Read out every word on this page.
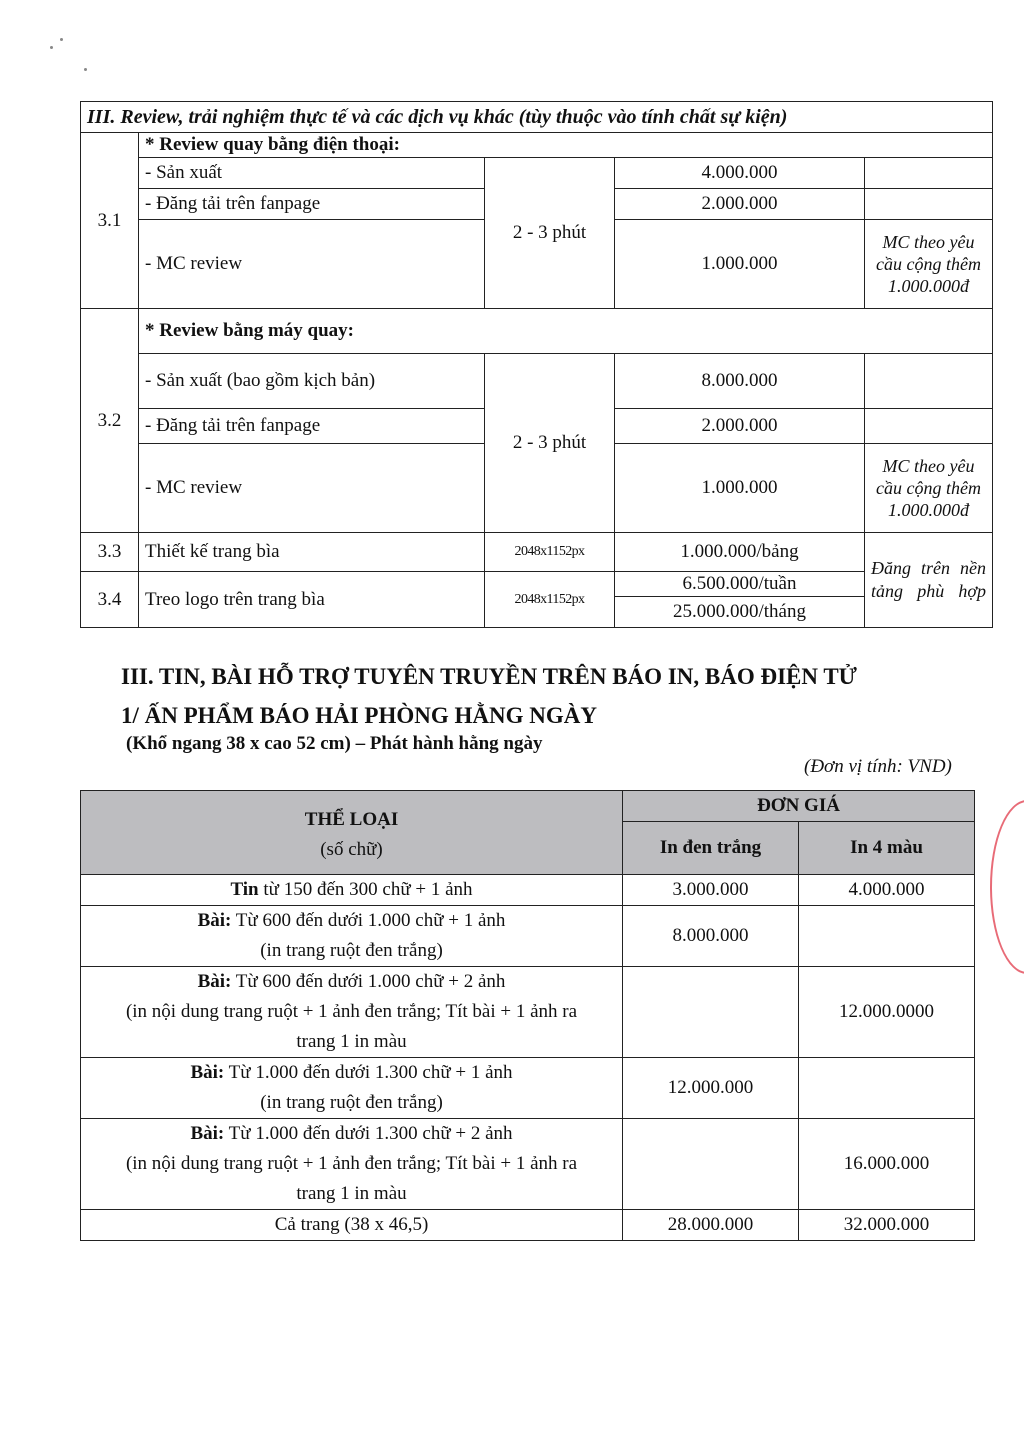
III. Review, trải nghiệm thực tế và các dịch vụ khác (tùy thuộc vào tính chất sự kiện)				
3.1	* Review quay bằng điện thoại:			
	- Sản xuất	2 - 3 phút	4.000.000	
	- Đăng tải trên fanpage		2.000.000	
	- MC review		1.000.000	MC theo yêu cầu cộng thêm 1.000.000đ
3.2	* Review bằng máy quay:			
	- Sản xuất (bao gồm kịch bản)	2 - 3 phút	8.000.000	
	- Đăng tải trên fanpage		2.000.000	
	- MC review		1.000.000	MC theo yêu cầu cộng thêm 1.000.000đ
3.3	Thiết kế trang bìa	2048x1152px	1.000.000/bảng	Đăng trên nền tảng phù hợp
3.4	Treo logo trên trang bìa	2048x1152px	6.500.000/tuần	
			25.000.000/tháng	
III. TIN, BÀI HỖ TRỢ TUYÊN TRUYỀN TRÊN BÁO IN, BÁO ĐIỆN TỬ
1/ ẤN PHẨM BÁO HẢI PHÒNG HẰNG NGÀY
(Khổ ngang 38 x cao 52 cm) – Phát hành hằng ngày
(Đơn vị tính: VND)
THỂ LOẠI
(số chữ)	ĐƠN GIÁ	
	In đen trắng	In 4 màu
Tin từ 150 đến 300 chữ + 1 ảnh	3.000.000	4.000.000

Bài: Từ 600 đến dưới 1.000 chữ + 1 ảnh
(in trang ruột đen trắng)	8.000.000	

Bài: Từ 600 đến dưới 1.000 chữ + 2 ảnh
(in nội dung trang ruột + 1 ảnh đen trắng; Tít bài + 1 ảnh ra
trang 1 in màu		12.000.0000

Bài: Từ 1.000 đến dưới 1.300 chữ + 1 ảnh
(in trang ruột đen trắng)	12.000.000	

Bài: Từ 1.000 đến dưới 1.300 chữ + 2 ảnh
(in nội dung trang ruột + 1 ảnh đen trắng; Tít bài + 1 ảnh ra
trang 1 in màu		16.000.000
Cả trang (38 x 46,5)	28.000.000	32.000.000
